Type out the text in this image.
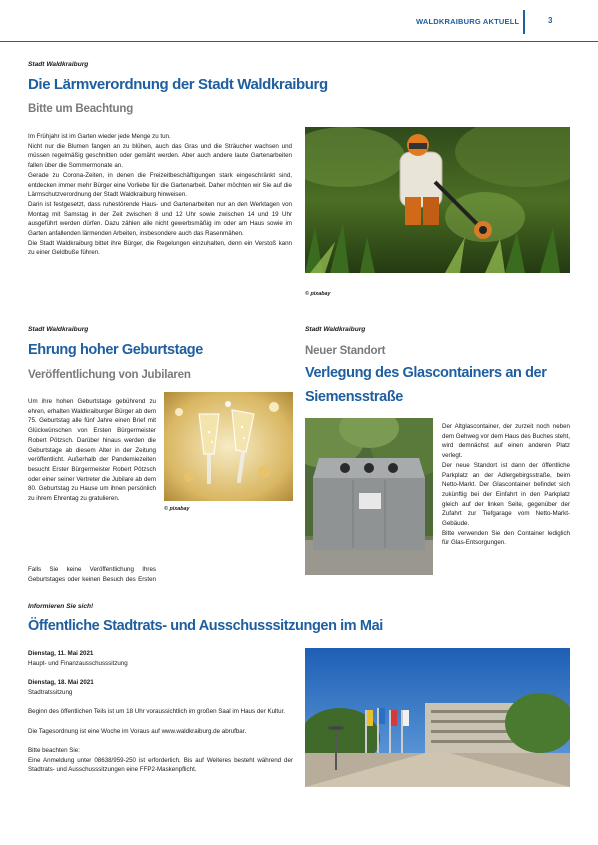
WALDKRAIBURG AKTUELL	3
Stadt Waldkraiburg
Die Lärmverordnung der Stadt Waldkraiburg
Bitte um Beachtung

Im Frühjahr ist im Garten wieder jede Menge zu tun.

Nicht nur die Blumen fangen an zu blühen, auch das Gras und die Sträucher wachsen und müssen regelmäßig geschnitten oder gemäht werden. Aber auch andere laute Gartenarbeiten fallen über die Sommermonate an.

Gerade zu Corona-Zeiten, in denen die Freizeitbeschäftigungen stark eingeschränkt sind, entdecken immer mehr Bürger eine Vorliebe für die Gartenarbeit. Daher möchten wir Sie auf die Lärmschutzverordnung der Stadt Waldkraiburg hinweisen.

Darin ist festgesetzt, dass ruhestörende Haus- und Gartenarbeiten nur an den Werktagen von Montag mit Samstag in der Zeit zwischen 8 und 12 Uhr sowie zwischen 14 und 19 Uhr ausgeführt werden dürfen. Dazu zählen alle nicht gewerbsmäßig im oder am Haus sowie im Garten anfallenden lärmenden Arbeiten, insbesondere auch das Rasenmähen.

Die Stadt Waldkraiburg bittet ihre Bürger, die Regelungen einzuhalten, denn ein Verstoß kann zu einer Geldbuße führen.

© pixabay
Stadt Waldkraiburg
Ehrung hoher Geburtstage
Veröffentlichung von Jubilaren

Um ihre hohen Geburtstage gebührend zu ehren, erhalten Waldkraiburger Bürger ab dem 75. Geburtstag alle fünf Jahre einen Brief mit Glückwünschen von Ersten Bürgermeister Robert Pötzsch. Darüber hinaus werden die Geburtstage ab diesem Alter in der Zeitung veröffentlicht. Außerhalb der Pandemiezeiten besucht Erster Bürgermeister Robert Pötzsch oder einer seiner Vertreter die Jubilare ab dem 80. Geburtstag zu Hause um ihnen persönlich zu ihrem Ehrentag zu gratulieren.

Falls Sie keine Veröffentlichung Ihres Geburtstages oder keinen Besuch des Ersten

© pixabay
Stadt Waldkraiburg
Neuer Standort
Verlegung des Glascontainers an der
Siemensstraße

Der Altglascontainer, der zurzeit noch neben dem Gehweg vor dem Haus des Buches steht, wird demnächst auf einen anderen Platz verlegt.

Der neue Standort ist dann der öffentliche Parkplatz an der Adlergebirgsstraße, beim Netto-Markt. Der Glascontainer befindet sich zukünftig bei der Einfahrt in den Parkplatz gleich auf der linken Seite, gegenüber der Zufahrt zur Tiefgarage vom Netto-Markt-Gebäude.

Bitte verwenden Sie den Container lediglich für Glas-Entsorgungen.

Informieren Sie sich!
Öffentliche Stadtrats- und Ausschusssitzungen im Mai

Dienstag, 11. Mai 2021

Haupt- und Finanzausschusssitzung

Dienstag, 18. Mai 2021

Stadtratssitzung

Beginn des öffentlichen Teils ist um 18 Uhr voraussichtlich im großen Saal im Haus der Kultur.

Die Tagesordnung ist eine Woche im Voraus auf www.waldkraiburg.de abrufbar.

Bitte beachten Sie:

Eine Anmeldung unter 08638/959-250 ist erforderlich. Bis auf Weiteres besteht während der Stadtrats- und Ausschusssitzungen eine FFP2-Maskenpflicht.
